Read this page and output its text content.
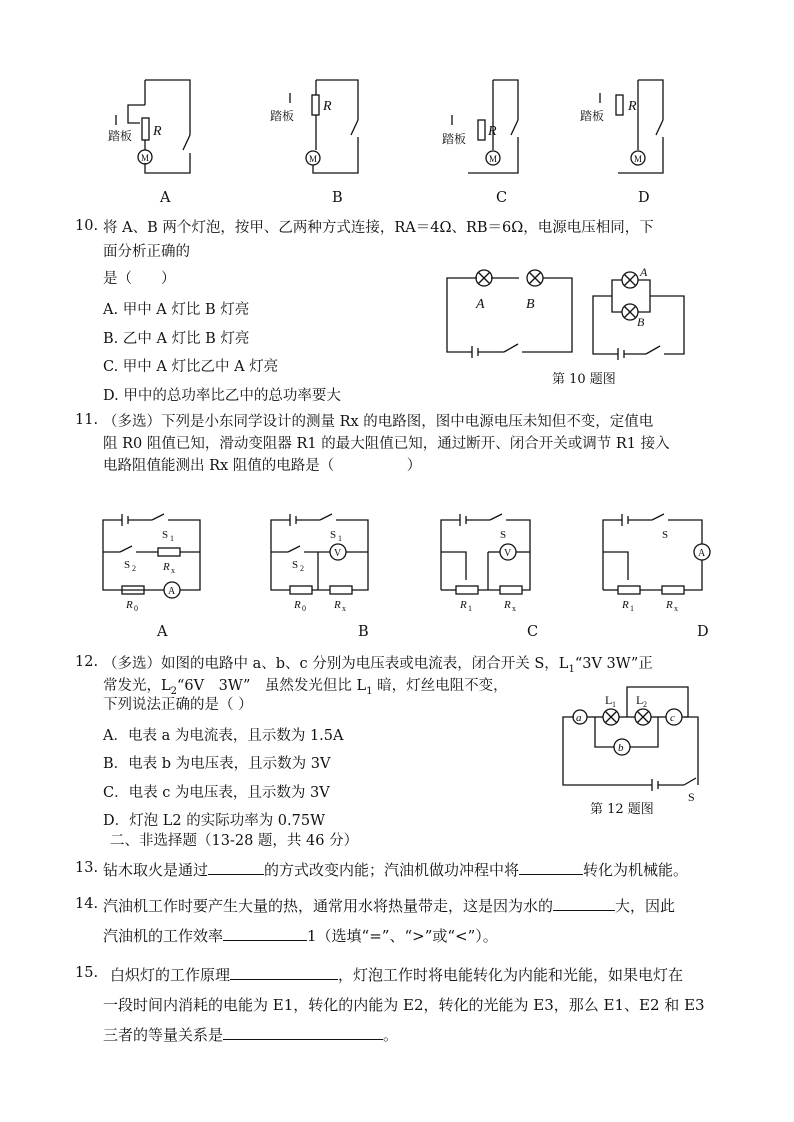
R
踏板
M
A
R
踏板
M
B
R
踏板
M
C
R
踏板
M
D
10. 将 A、B 两个灯泡，按甲、乙两种方式连接，RA＝4Ω、RB＝6Ω，电源电压相同，下
面分析正确的
是（　　）
A. 甲中 A 灯比 B 灯亮
B. 乙中 A 灯比 B 灯亮
C. 甲中 A 灯比乙中 A 灯亮
D. 甲中的总功率比乙中的总功率要大
A	B
A
B
第 10 题图
11. （多选）下列是小东同学设计的测量 Rx 的电路图，图中电源电压未知但不变，定值电
阻 R0 阻值已知，滑动变阻器 R1 的最大阻值已知，通过断开、闭合开关或调节 R1 接入
电路阻值能测出 Rx 阻值的电路是（　　　　　）
S 1
S 2 R x
R 0
A
A
S 1
S 2
V
R 0	R x
B
S
V
R 1	R x
C
S
A
R 1	R x
D
12. （多选）如图的电路中 a、b、c 分别为电压表或电流表，闭合开关 S，$L_1“3V$ 3W”正
常发光，$L_2“6V$　3W”　虽然发光但比 $L_1$ 暗，灯丝电阻不变，
下列说法正确的是（ ）
A．电表 a 为电流表，且示数为 1.5A
B．电表 b 为电压表，且示数为 3V
C．电表 c 为电压表，且示数为 3V
D．灯泡 L2 的实际功率为 0.75W
a
b
c
L 1 L 2
S
第 12 题图
二、非选择题（13-28 题，共 46 分）
13. 钻木取火是通过	的方式改变内能；汽油机做功冲程中将	转化为机械能。
14. 汽油机工作时要产生大量的热，通常用水将热量带走，这是因为水的	大，因此
汽油机的工作效率	1（选填“=”、“>”或“<”）。
15. 白炽灯的工作原理	，灯泡工作时将电能转化为内能和光能，如果电灯在
一段时间内消耗的电能为 E1，转化的内能为 E2，转化的光能为 E3，那么 E1、E2 和 E3
三者的等量关系是	。
